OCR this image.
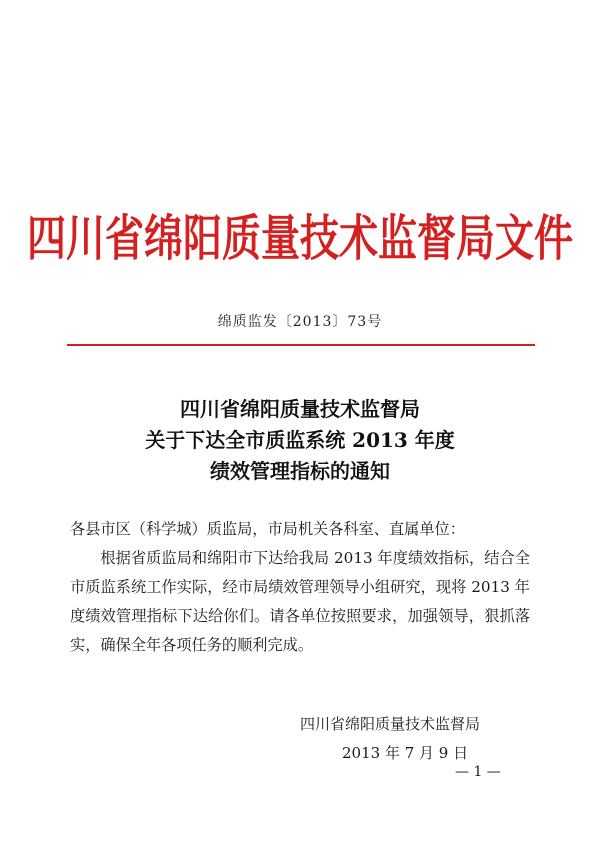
四川省绵阳质量技术监督局文件
绵质监发〔2013〕73号
四川省绵阳质量技术监督局
关于下达全市质监系统 2013 年度
绩效管理指标的通知

各县市区（科学城）质监局，市局机关各科室、直属单位：

根据省质监局和绵阳市下达给我局 2013 年度绩效指标，结合全市质监系统工作实际，经市局绩效管理领导小组研究，现将 2013 年度绩效管理指标下达给你们。请各单位按照要求，加强领导，狠抓落实，确保全年各项任务的顺利完成。

四川省绵阳质量技术监督局
2013 年 7 月 9 日
— 1 —
